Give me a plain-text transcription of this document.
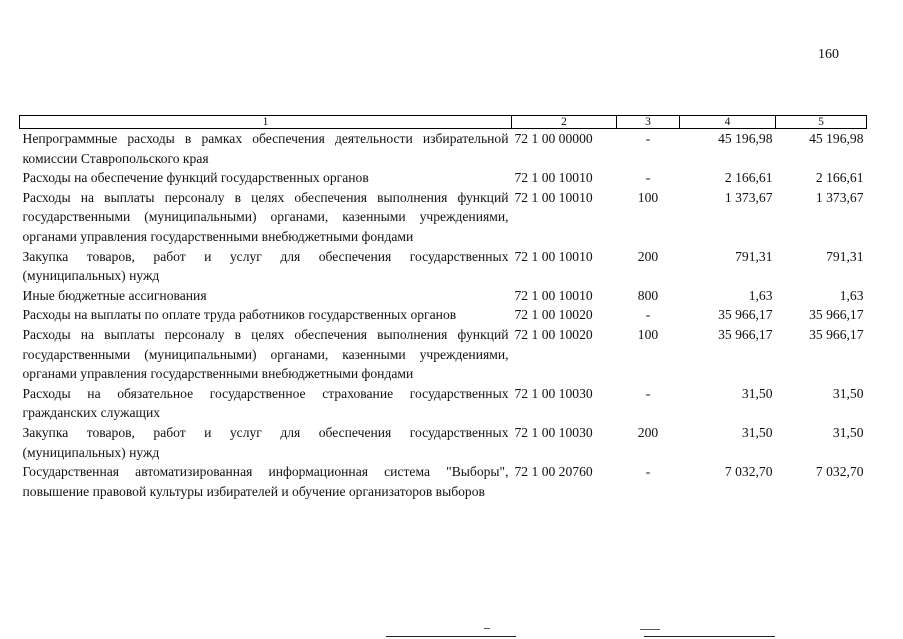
160
1	2	3	4	5
Непрограммные расходы в рамках обеспечения деятельности избирательной комиссии Ставропольского края	72 1 00 00000	-	45 196,98	45 196,98
Расходы на обеспечение функций государственных органов	72 1 00 10010	-	2 166,61	2 166,61
Расходы на выплаты персоналу в целях обеспечения выполнения функций государственными (муниципальными) органами, казенными учреждениями, органами управления государственными внебюджетными фондами	72 1 00 10010	100	1 373,67	1 373,67
Закупка товаров, работ и услуг для обеспечения государственных (муниципальных) нужд	72 1 00 10010	200	791,31	791,31
Иные бюджетные ассигнования	72 1 00 10010	800	1,63	1,63
Расходы на выплаты по оплате труда работников государственных органов	72 1 00 10020	-	35 966,17	35 966,17
Расходы на выплаты персоналу в целях обеспечения выполнения функций государственными (муниципальными) органами, казенными учреждениями, органами управления государственными внебюджетными фондами	72 1 00 10020	100	35 966,17	35 966,17
Расходы на обязательное государственное страхование государственных гражданских служащих	72 1 00 10030	-	31,50	31,50
Закупка товаров, работ и услуг для обеспечения государственных (муниципальных) нужд	72 1 00 10030	200	31,50	31,50
Государственная автоматизированная информационная система "Выборы", повышение правовой культуры избирателей и обучение организаторов выборов	72 1 00 20760	-	7 032,70	7 032,70
